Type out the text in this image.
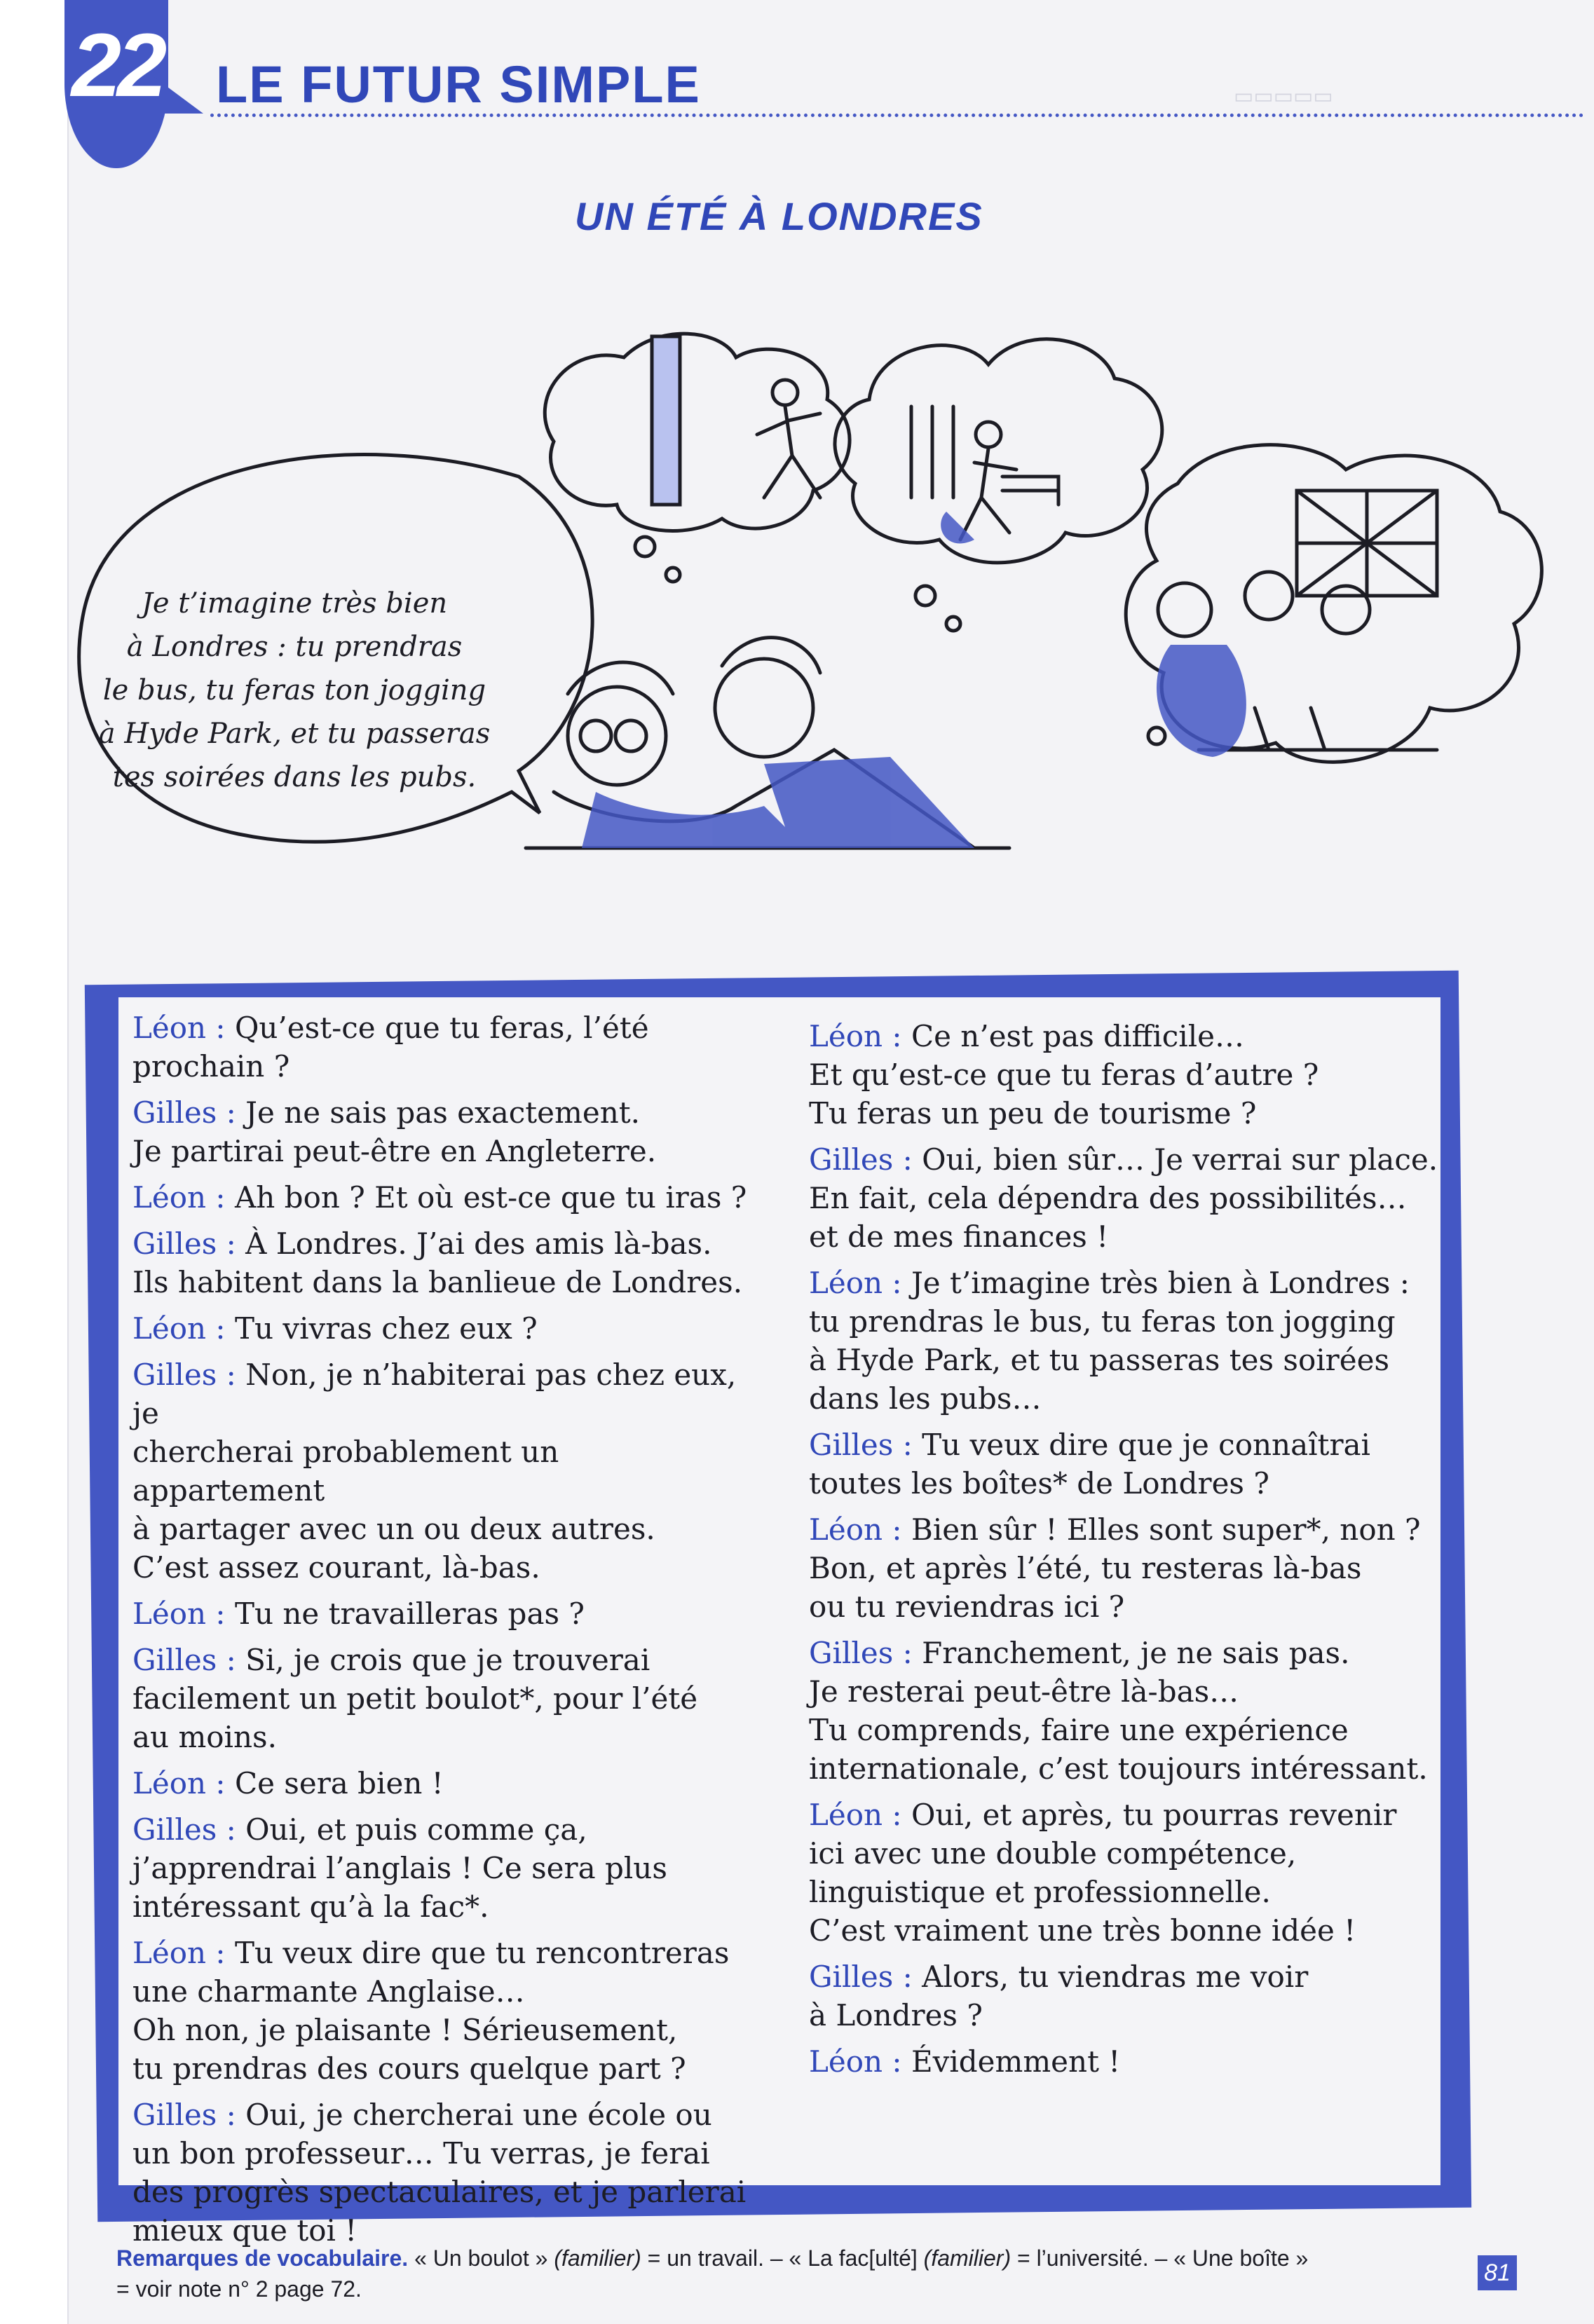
▭▭▭▭▭
22 LE FUTUR SIMPLE
UN ÉTÉ À LONDRES
Je t’imagine très bien
à Londres : tu prendras
le bus, tu feras ton jogging
à Hyde Park, et tu passeras
tes soirées dans les pubs.

Léon : Qu’est-ce que tu feras, l’été
prochain ?

Gilles : Je ne sais pas exactement.
Je partirai peut-être en Angleterre.

Léon : Ah bon ? Et où est-ce que tu iras ?

Gilles : À Londres. J’ai des amis là-bas.
Ils habitent dans la banlieue de Londres.

Léon : Tu vivras chez eux ?

Gilles : Non, je n’habiterai pas chez eux, je
chercherai probablement un appartement
à partager avec un ou deux autres.
C’est assez courant, là-bas.

Léon : Tu ne travailleras pas ?

Gilles : Si, je crois que je trouverai
facilement un petit boulot*, pour l’été
au moins.

Léon : Ce sera bien !

Gilles : Oui, et puis comme ça,
j’apprendrai l’anglais ! Ce sera plus
intéressant qu’à la fac*.

Léon : Tu veux dire que tu rencontreras
une charmante Anglaise…
Oh non, je plaisante ! Sérieusement,
tu prendras des cours quelque part ?

Gilles : Oui, je chercherai une école ou
un bon professeur… Tu verras, je ferai
des progrès spectaculaires, et je parlerai
mieux que toi !

Léon : Ce n’est pas difficile…
Et qu’est-ce que tu feras d’autre ?
Tu feras un peu de tourisme ?

Gilles : Oui, bien sûr… Je verrai sur place.
En fait, cela dépendra des possibilités…
et de mes finances !

Léon : Je t’imagine très bien à Londres :
tu prendras le bus, tu feras ton jogging
à Hyde Park, et tu passeras tes soirées
dans les pubs…

Gilles : Tu veux dire que je connaîtrai
toutes les boîtes* de Londres ?

Léon : Bien sûr ! Elles sont super*, non ?
Bon, et après l’été, tu resteras là-bas
ou tu reviendras ici ?

Gilles : Franchement, je ne sais pas.
Je resterai peut-être là-bas…
Tu comprends, faire une expérience
internationale, c’est toujours intéressant.

Léon : Oui, et après, tu pourras revenir
ici avec une double compétence,
linguistique et professionnelle.
C’est vraiment une très bonne idée !

Gilles : Alors, tu viendras me voir
à Londres ?

Léon : Évidemment !

Remarques de vocabulaire. « Un boulot » (familier) = un travail. – « La fac[ulté] (familier) = l’université. – « Une boîte »
= voir note n° 2 page 72.
81
